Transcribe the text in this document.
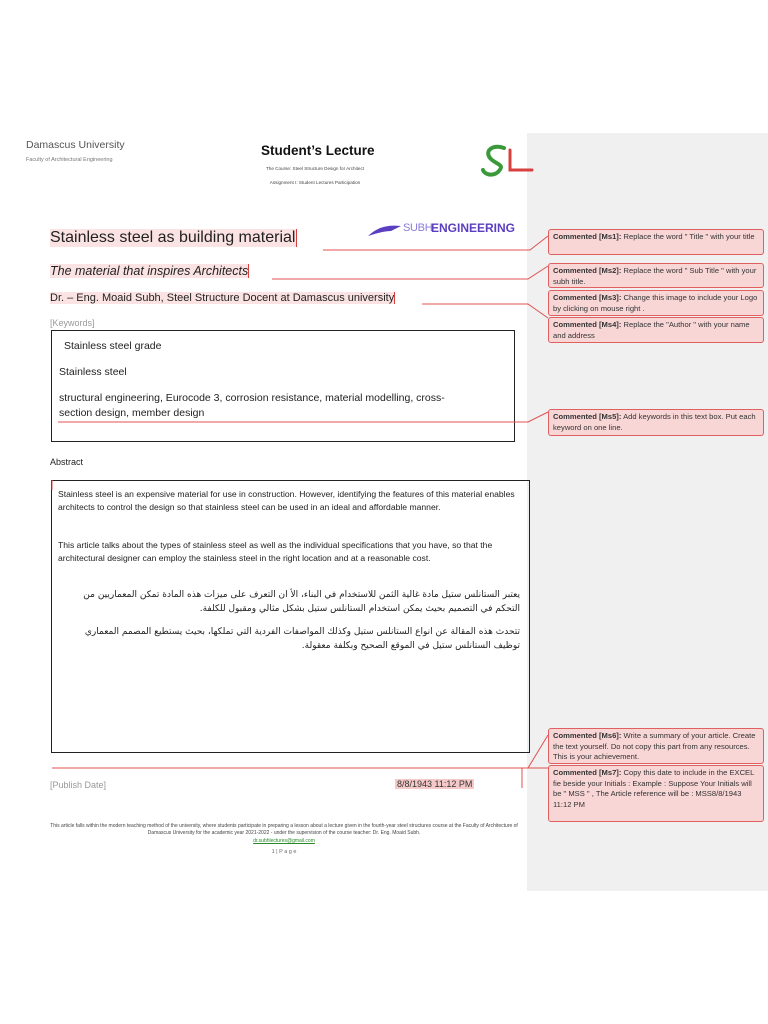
Damascus University
Faculty of Architectural Engineering
Student’s Lecture
The Course: Steel Structure Design for Architect
Assignment I: Student Lectures Participation
SUBH
ENGINEERING
Stainless steel as building material
The material that inspires Architects
Dr. – Eng. Moaid Subh, Steel Structure Docent at Damascus university
[Keywords]
Stainless steel grade
Stainless steel
structural engineering, Eurocode 3, corrosion resistance, material modelling, cross-
section design, member design
Abstract
Stainless steel is an expensive material for use in construction. However, identifying the features of this material enables architects to control the design so that stainless steel can be used in an ideal and affordable manner.
This article talks about the types of stainless steel as well as the individual specifications that you have, so that the architectural designer can employ the stainless steel in the right location and at a reasonable cost.
يعتبر الستانلس ستيل مادة غالية الثمن للاستخدام في البناء، الأ ان التعرف على ميزات هذه المادة تمكن المعماريين من التحكم في التصميم بحيث يمكن استخدام الستانلس ستيل بشكل مثالي ومقبول للكلفة.
تتحدث هذه المقالة عن انواع الستانلس ستيل وكذلك المواصفات الفردية التي تملكها، بحيث يستطيع المصمم المعماري توظيف الستانلس ستيل في الموقع الصحيح وبكلفة معقولة.
[Publish Date]	8/8/1943 11:12 PM
This article falls within the modern teaching method of the university, where students participate in preparing a lesson about a lecture given in the fourth-year steel structures course at the Faculty of Architecture of Damascus University for the academic year 2021-2022 - under the supervision of the course teacher: Dr. Eng. Moaid Subh.
dr.subhlectures@gmail.com
1 | P a g e
Commented [Ms1]: Replace the word " Title " with your title
Commented [Ms2]: Replace the word " Sub Title " with your subh title.
Commented [Ms3]: Change this image to include your Logo by clicking on mouse right .
Commented [Ms4]: Replace the "Author " with your name and address
Commented [Ms5]: Add keywords in this text box. Put each keyword on one line.
Commented [Ms6]: Write a summary of your article. Create the text yourself. Do not copy this part from any resources. This is your achievement.
Commented [Ms7]: Copy this date to include in the EXCEL fie beside your Initials : Example : Suppose Your Initials will be " MSS " , The Article reference will be : MSS8/8/1943 11:12 PM
